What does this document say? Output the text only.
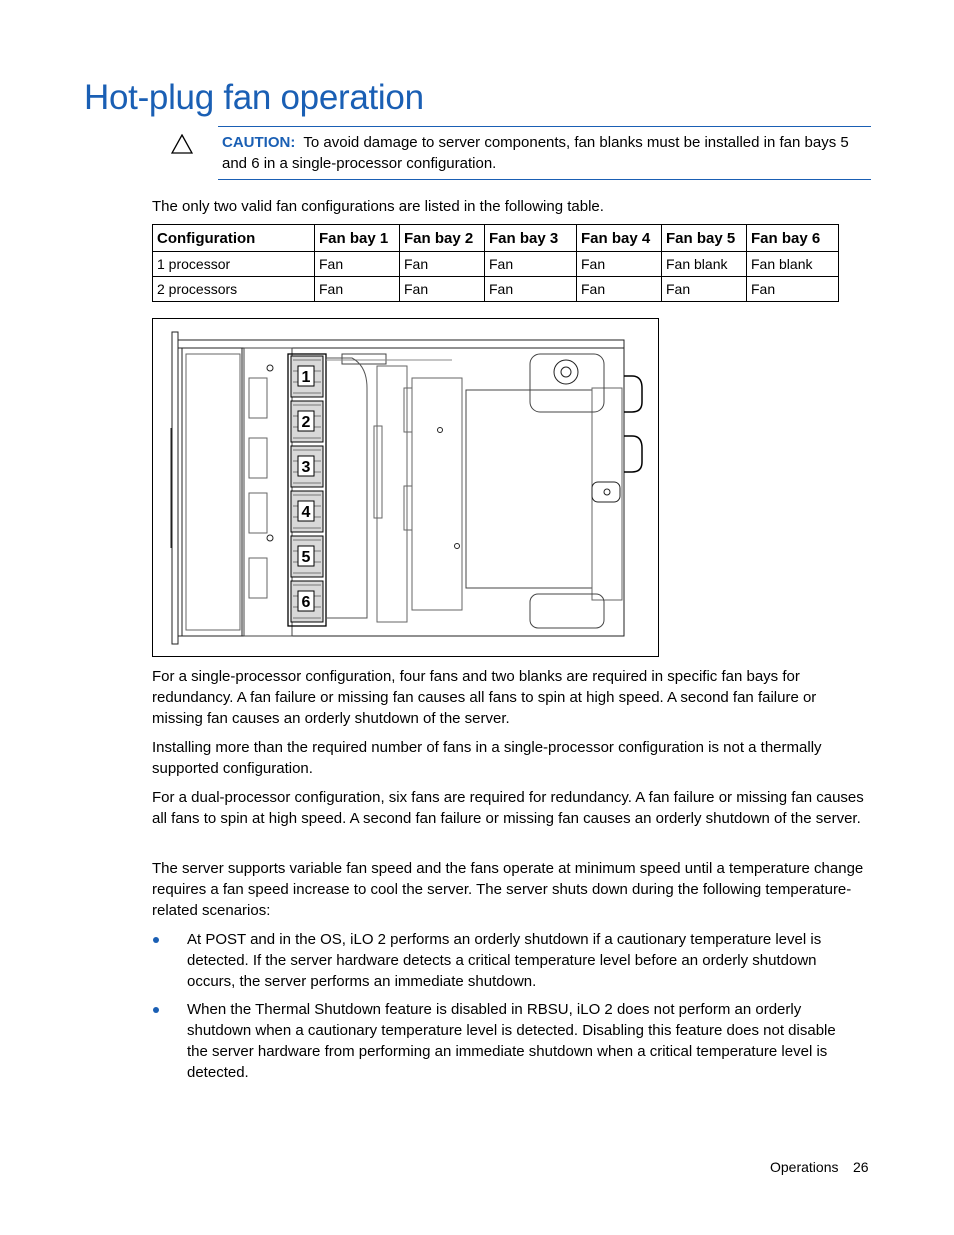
Hot-plug fan operation
CAUTION: To avoid damage to server components, fan blanks must be installed in fan bays 5 and 6 in a single-processor configuration.

The only two valid fan configurations are listed in the following table.

Configuration	Fan bay 1	Fan bay 2	Fan bay 3	Fan bay 4	Fan bay 5	Fan bay 6
1 processor	Fan	Fan	Fan	Fan	Fan blank	Fan blank
2 processors	Fan	Fan	Fan	Fan	Fan	Fan
1
2
3
4
5
6

For a single-processor configuration, four fans and two blanks are required in specific fan bays for redundancy. A fan failure or missing fan causes all fans to spin at high speed. A second fan failure or missing fan causes an orderly shutdown of the server.

Installing more than the required number of fans in a single-processor configuration is not a thermally supported configuration.

For a dual-processor configuration, six fans are required for redundancy. A fan failure or missing fan causes all fans to spin at high speed. A second fan failure or missing fan causes an orderly shutdown of the server.

The server supports variable fan speed and the fans operate at minimum speed until a temperature change requires a fan speed increase to cool the server. The server shuts down during the following temperature-related scenarios:

At POST and in the OS, iLO 2 performs an orderly shutdown if a cautionary temperature level is detected. If the server hardware detects a critical temperature level before an orderly shutdown occurs, the server performs an immediate shutdown.

When the Thermal Shutdown feature is disabled in RBSU, iLO 2 does not perform an orderly shutdown when a cautionary temperature level is detected. Disabling this feature does not disable the server hardware from performing an immediate shutdown when a critical temperature level is detected.

Operations 26
